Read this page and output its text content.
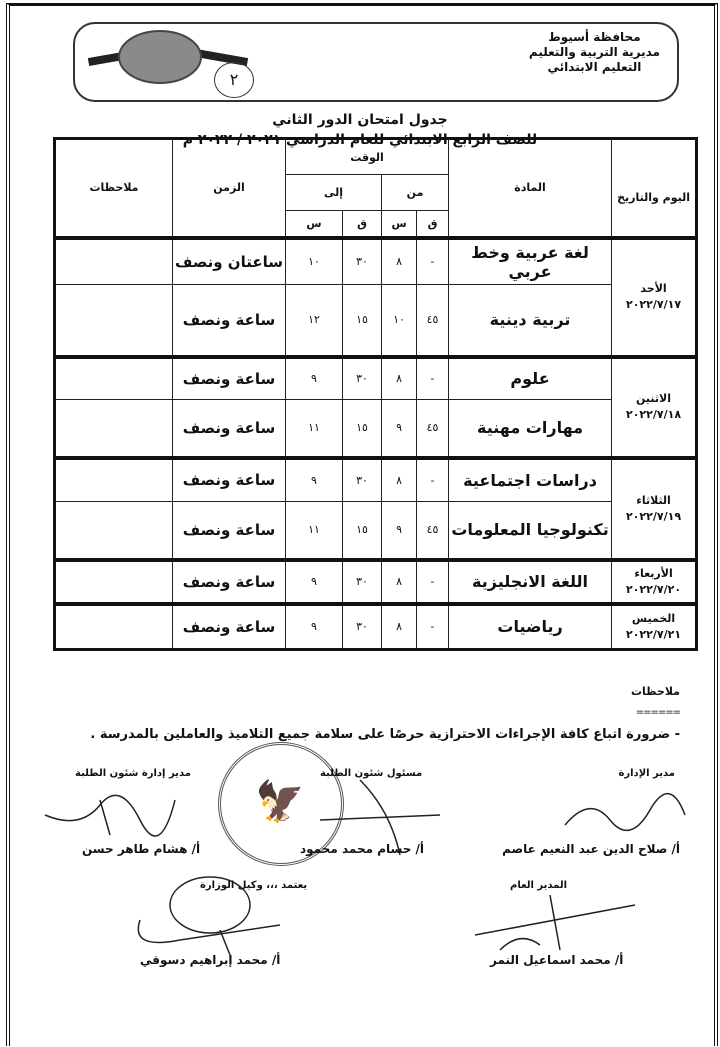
محافظة أسيوط
مديرية التربية والتعليم
التعليم الابتدائي
٢
جدول امتحان الدور الثاني
للصف الرابع الابتدائي للعام الدراسي ٢٠٢١ / ٢٠٢٢ م
اليوم والتاريخ	المادة	الوقت				الزمن	ملاحظات
		من		إلى			
		ق	س	ق	س		

الأحد
٢٠٢٢/٧/١٧	لغة عربية وخط عربي	-	٨	٣٠	١٠	ساعتان ونصف	
	تربية دينية	٤٥	١٠	١٥	١٢	ساعة ونصف	

الاثنين
٢٠٢٢/٧/١٨	علوم	-	٨	٣٠	٩	ساعة ونصف	
	مهارات مهنية	٤٥	٩	١٥	١١	ساعة ونصف	

الثلاثاء
٢٠٢٢/٧/١٩	دراسات اجتماعية	-	٨	٣٠	٩	ساعة ونصف	
	تكنولوجيا المعلومات	٤٥	٩	١٥	١١	ساعة ونصف	

الأربعاء
٢٠٢٢/٧/٢٠	اللغة الانجليزية	-	٨	٣٠	٩	ساعة ونصف	

الخميس
٢٠٢٢/٧/٢١	رياضيات	-	٨	٣٠	٩	ساعة ونصف	
ملاحظات
======
- ضرورة اتباع كافة الإجراءات الاحترازية حرصًا على سلامة جميع التلاميذ والعاملين بالمدرسة .
🦅
مدير الإدارة
مسئول شئون الطلبة
مدير إدارة شئون الطلبة
أ/ صلاح الدين عبد النعيم عاصم
أ/ حسام محمد محمود
أ/ هشام طاهر حسن
المدير العام
يعتمد ،،، وكيل الوزارة
أ/ محمد اسماعيل النمر
أ/ محمد إبراهيم دسوقي
